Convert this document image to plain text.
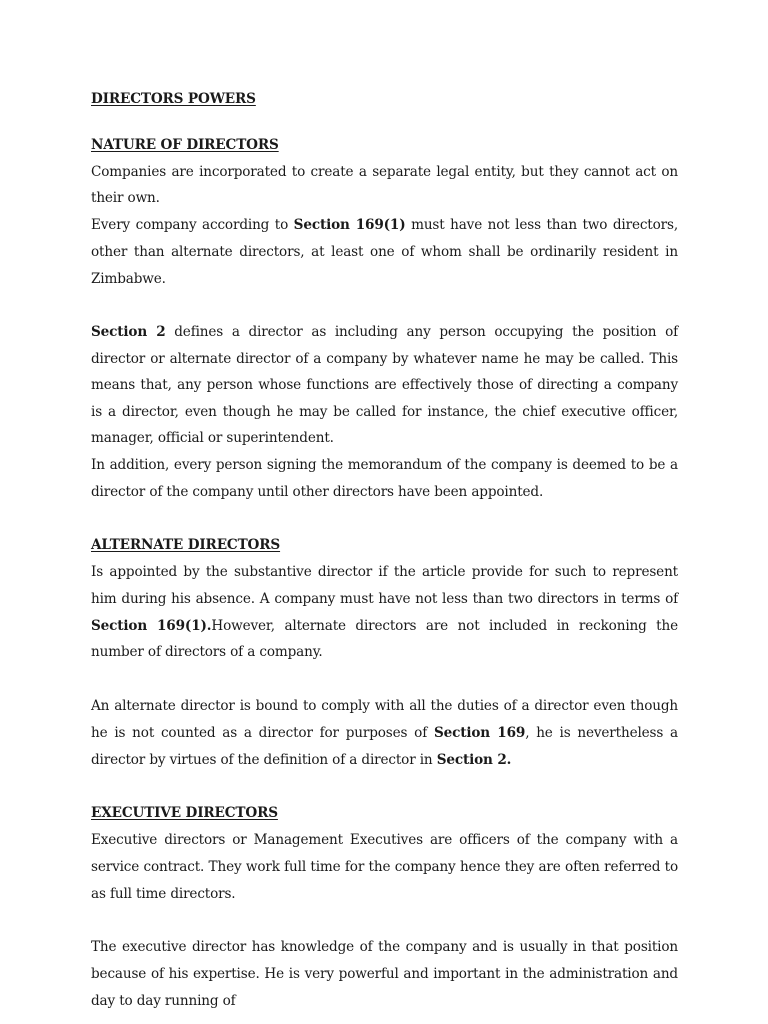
DIRECTORS POWERS

NATURE OF DIRECTORS

Companies are incorporated to create a separate legal entity, but they cannot act on their own.

Every company according to Section 169(1) must have not less than two directors, other than alternate directors, at least one of whom shall be ordinarily resident in Zimbabwe.

Section 2 defines a director as including any person occupying the position of director or alternate director of a company by whatever name he may be called. This means that, any person whose functions are effectively those of directing a company is a director, even though he may be called for instance, the chief executive officer, manager, official or superintendent.

In addition, every person signing the memorandum of the company is deemed to be a director of the company until other directors have been appointed.

ALTERNATE DIRECTORS

Is appointed by the substantive director if the article provide for such to represent him during his absence. A company must have not less than two directors in terms of Section 169(1).However, alternate directors are not included in reckoning the number of directors of a company.

An alternate director is bound to comply with all the duties of a director even though he is not counted as a director for purposes of Section 169, he is nevertheless a director by virtues of the definition of a director in Section 2.

EXECUTIVE DIRECTORS

Executive directors or Management Executives are officers of the company with a service contract. They work full time for the company hence they are often referred to as full time directors.

The executive director has knowledge of the company and is usually in that position because of his expertise. He is very powerful and important in the administration and day to day running of
